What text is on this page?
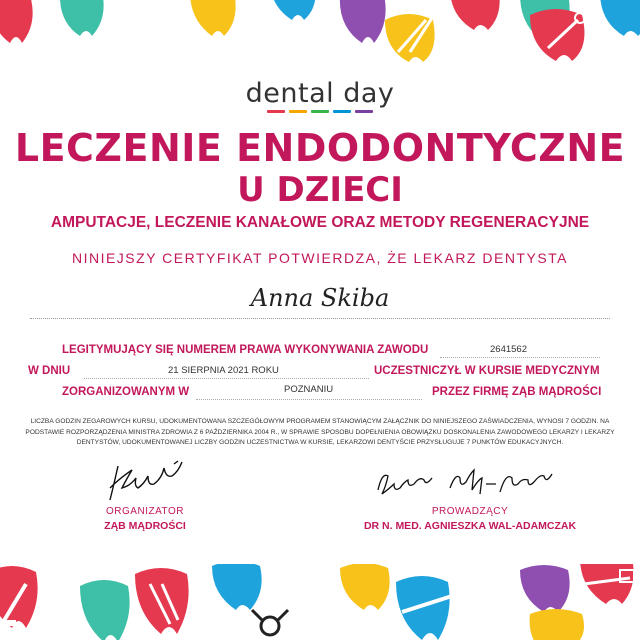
dental day
LECZENIE ENDODONTYCZNE
U DZIECI
AMPUTACJE, LECZENIE KANAŁOWE ORAZ METODY REGENERACYJNE
NINIEJSZY CERTYFIKAT POTWIERDZA, ŻE LEKARZ DENTYSTA
Anna Skiba
LEGITYMUJĄCY SIĘ NUMEREM PRAWA WYKONYWANIA ZAWODU	2641562
W DNIU	21 SIERPNIA 2021 ROKU	UCZESTNICZYŁ W KURSIE MEDYCZNYM
ZORGANIZOWANYM W	POZNANIU	PRZEZ FIRMĘ ZĄB MĄDROŚCI
LICZBA GODZIN ZEGAROWYCH KURSU, UDOKUMENTOWANA SZCZEGÓŁOWYM PROGRAMEM STANOWIĄCYM ZAŁĄCZNIK DO NINIEJSZEGO ZAŚWIADCZENIA, WYNOSI 7 GODZIN. NA PODSTAWIE ROZPORZĄDZENIA MINISTRA ZDROWIA Z 6 PAŹDZIERNIKA 2004 R., W SPRAWIE SPOSOBU DOPEŁNIENIA OBOWIĄZKU DOSKONALENIA ZAWODOWEGO LEKARZY I LEKARZY DENTYSTÓW, UDOKUMENTOWANEJ LICZBY GODZIN UCZESTNICTWA W KURSIE, LEKARZOWI DENTYŚCIE PRZYSŁUGUJE 7 PUNKTÓW EDUKACYJNYCH.
ORGANIZATOR
ZĄB MĄDROŚCI
PROWADZĄCY
DR N. MED. AGNIESZKA WAL-ADAMCZAK
